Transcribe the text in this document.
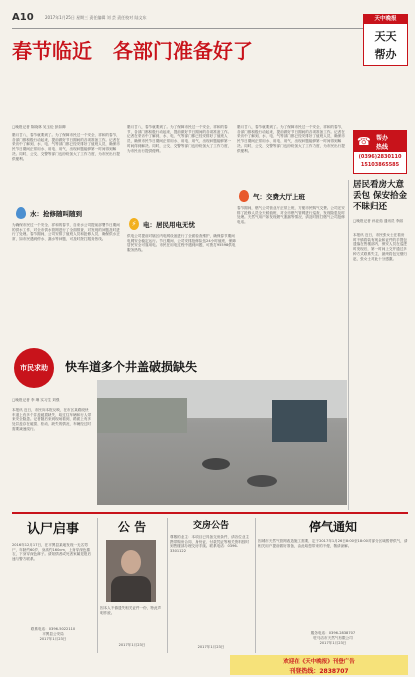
A10	2017年1月25日 星期三 责任编辑 刘 芸 责任校对 陆文东	天中晚报
天天
帮办
春节临近   各部门准备好了
☎ 帮办
热线
(0396)2830110
15103865585
□晚报记者 陈晓林 吴玉伦 彭如卿
腊月廿八，春节就要到了。为了保障市民过一个安全、祥和的春节，各部门都积极行动起来，提前做好节日期间的各项准备工作。记者在采访中了解到，水、电、气等部门都已经安排好了值班人员，确保市民节日期间正常用水、用电、用气，出现问题能够第一时间得到解决。同时，公交、交警等部门也纷纷加大了工作力度，为市民出行提供便利。
腊月廿八，春节就要到了。为了保障市民过一个安全、祥和的春节，各部门都积极行动起来，提前做好节日期间的各项准备工作。记者在采访中了解到，水、电、气等部门都已经安排好了值班人员，确保市民节日期间正常用水、用电、用气，出现问题能够第一时间得到解决。同时，公交、交警等部门也纷纷加大了工作力度，为市民出行提供便利。
腊月廿八，春节就要到了。为了保障市民过一个安全、祥和的春节，各部门都积极行动起来，提前做好节日期间的各项准备工作。记者在采访中了解到，水、电、气等部门都已经安排好了值班人员，确保市民节日期间正常用水、用电、用气，出现问题能够第一时间得到解决。同时，公交、交警等部门也纷纷加大了工作力度，为市民出行提供便利。
水：抢修随叫随到
为确保市民过一个安全、祥和的春节，自来水公司提前部署节日期间的供水工作，对全市供水管网进行了全面排查，对发现的问题及时进行了处理。春节期间，公司安排了值班人员和抢修人员，确保供水正常，如市民遇到停水、漏水等问题，可及时拨打服务热线。
⚡	电：居民用电无忧
供电公司提前对辖区内电网设备进行了全面检查维护，确保春节期间电网安全稳定运行。节日期间，公司安排抢修队伍24小时值班，保障居民安全可靠用电。市民在用电过程中遇到问题，可拨打95598供电服务热线。
气：交费大厅上班
春节期间，燃气公司营业厅正常上班，方便市民购气交费。公司还安排了抢修人员全天候值班，对全市燃气管网进行巡查，发现隐患及时处理。天然气用户如发现燃气泄漏等情况，请及时拨打燃气公司抢修电话。
居民看房大意丢包 保安拾金不昧归还
□晚报记者 孙亚茹 通讯员 李丽
本报讯 近日，市民张女士在看房时不慎将装有现金和证件的手提包遗落在售楼部内，保安人员在巡逻时发现后，第一时间上交并通过多种方式联系失主，最终将包完璧归赵，张女士对此十分感激。
市民求助	快车道多个井盖破损缺失
□晚报记者 李 琳 实习生 刘强
本报讯 近日，市民向本报反映，在市区某路段快车道上有多个井盖破损缺失，给过往车辆和行人带来安全隐患。记者随后来到现场看到，路面上有多处井盖存在破损、松动、缺失的情况，车辆经过时需要减速绕行。
认尸启事
2016年12月17日，在平舆县某地发现一无名男尸，年龄约60岁，身高约160cm，上身穿深色棉衣，下身穿深色裤子。请知情者或死者家属见报后速与警方联系。
联系电话：0396-5022110
平舆县公安局
2017年1月23日
公 告
因本人不慎遗失相关证件一份，特此声明作废。
2017年1月23日
交房公告
尊敬的业主：本项目已具备交房条件，请各位业主携带购房合同、身份证、付款凭证等相关资料按时到售楼部办理交房手续。联系电话：0396-3301122
2017年1月23日
停气通知
因城市天然气管网改造施工需要，定于2017年1月26日8:00至18:00对部分区域暂停供气，请相关用户提前做好准备，由此给您带来的不便，敬请谅解。
服务电话：0396-2838707
驻马店市天然气有限公司
2017年1月23日
欢迎在《天中晚报》刊登广告
刊登热线：2838707
